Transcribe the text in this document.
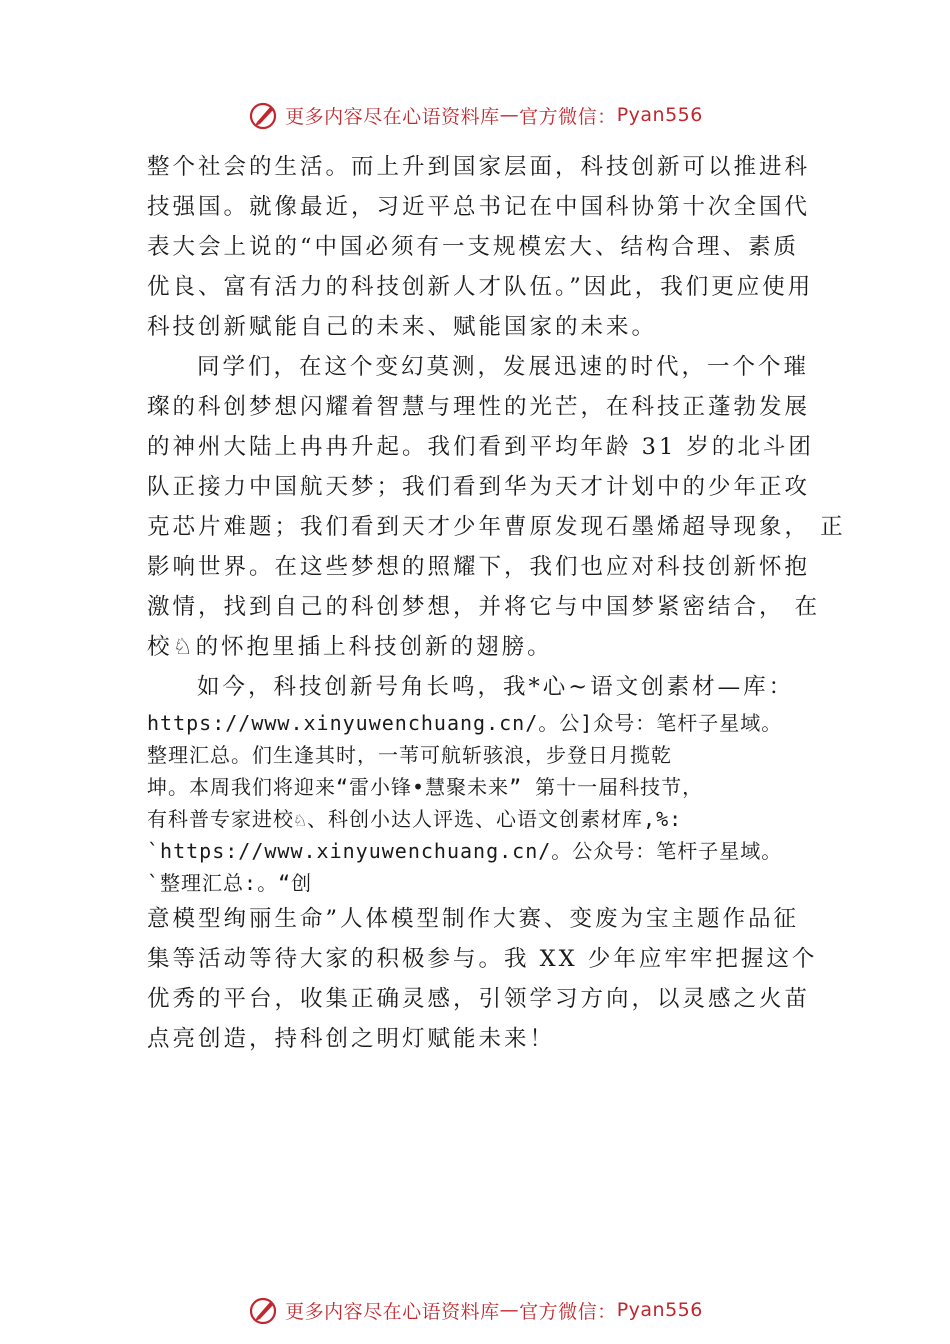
更多内容尽在心语资料库 — 官方微信： Pyan556
整个社会的生活。而上升到国家层面，科技创新可以推进科
技强国。就像最近，习近平总书记在中国科协第十次全国代
表大会上说的“中国必须有一支规模宏大、结构合理、素质
优良、富有活力的科技创新人才队伍。”因此，我们更应使用
科技创新赋能自己的未来、赋能国家的未来。
同学们，在这个变幻莫测，发展迅速的时代，一个个璀
璨的科创梦想闪耀着智慧与理性的光芒，在科技正蓬勃发展
的神州大陆上冉冉升起。我们看到平均年龄 31 岁的北斗团
队正接力中国航天梦；我们看到华为天才计划中的少年正攻
克芯片难题；我们看到天才少年曹原发现石墨烯超导现象， 正
影响世界。在这些梦想的照耀下，我们也应对科技创新怀抱
激情，找到自己的科创梦想，并将它与中国梦紧密结合， 在
校♘的怀抱里插上科技创新的翅膀。
如今，科技创新号角长鸣，我*心~语文创素材—库：
https://www.xinyuwenchuang.cn/。公]众号：笔杆子星域。
整理汇总。们生逢其时，一苇可航斩骇浪，步登日月揽乾
坤。本周我们将迎来“雷小锋•慧聚未来” 第十一届科技节，
有科普专家进校♘、科创小达人评选、心语文创素材库,%:
`https://www.xinyuwenchuang.cn/。公众号：笔杆子星域。
`整理汇总:。“创
意模型绚丽生命”人体模型制作大赛、变废为宝主题作品征
集等活动等待大家的积极参与。我 XX 少年应牢牢把握这个
优秀的平台，收集正确灵感，引领学习方向，以灵感之火苗
点亮创造，持科创之明灯赋能未来！
更多内容尽在心语资料库 — 官方微信： Pyan556
